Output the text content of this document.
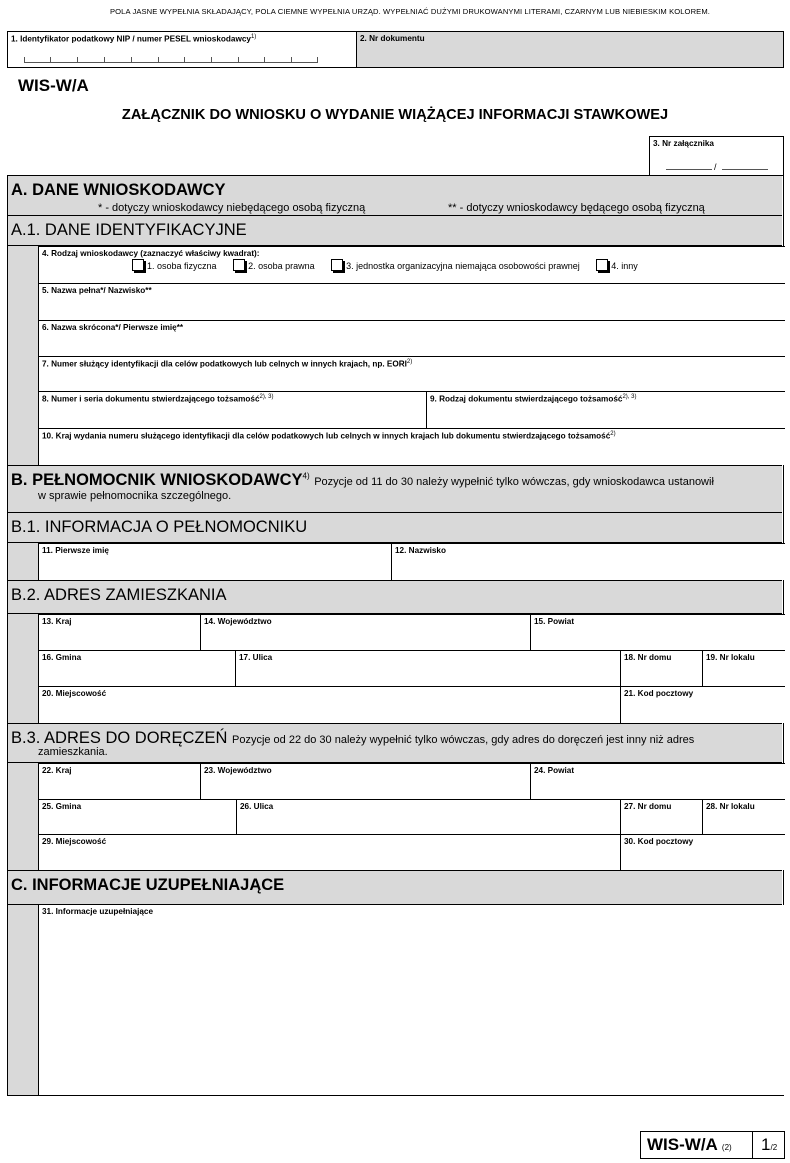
POLA JASNE WYPEŁNIA SKŁADAJĄCY, POLA CIEMNE WYPEŁNIA URZĄD. WYPEŁNIAĆ DUŻYMI DRUKOWANYMI LITERAMI, CZARNYM LUB NIEBIESKIM KOLOREM.
1. Identyfikator podatkowy NIP / numer PESEL wnioskodawcy$^{1)}$	2. Nr dokumentu
WIS-W/A
ZAŁĄCZNIK DO WNIOSKU O WYDANIE WIĄŻĄCEJ INFORMACJI STAWKOWEJ
3. Nr załącznika
/
A. DANE WNIOSKODAWCY
* - dotyczy wnioskodawcy niebędącego osobą fizyczną	** - dotyczy wnioskodawcy będącego osobą fizyczną
A.1. DANE IDENTYFIKACYJNE
4. Rodzaj wnioskodawcy (zaznaczyć właściwy kwadrat):
1. osoba fizyczna	2. osoba prawna	3. jednostka organizacyjna niemająca osobowości prawnej	4. inny
5. Nazwa pełna*/ Nazwisko**
6. Nazwa skrócona*/ Pierwsze imię**
7. Numer służący identyfikacji dla celów podatkowych lub celnych w innych krajach, np. EORI$^{2)}$
8. Numer i seria dokumentu stwierdzającego tożsamość$^{2), 3)}$	9. Rodzaj dokumentu stwierdzającego tożsamość$^{2), 3)}$
10. Kraj wydania numeru służącego identyfikacji dla celów podatkowych lub celnych w innych krajach lub dokumentu stwierdzającego tożsamość$^{2)}$
B. PEŁNOMOCNIK WNIOSKODAWCY$^{4)}$ Pozycje od 11 do 30 należy wypełnić tylko wówczas, gdy wnioskodawca ustanowił
w sprawie pełnomocnika szczególnego.
B.1. INFORMACJA O PEŁNOMOCNIKU
11. Pierwsze imię	12. Nazwisko
B.2. ADRES ZAMIESZKANIA
13. Kraj	14. Województwo	15. Powiat
16. Gmina	17. Ulica	18. Nr domu	19. Nr lokalu
20. Miejscowość	21. Kod pocztowy
B.3. ADRES DO DORĘCZEŃ Pozycje od 22 do 30 należy wypełnić tylko wówczas, gdy adres do doręczeń jest inny niż adres
zamieszkania.
22. Kraj	23. Województwo	24. Powiat
25. Gmina	26. Ulica	27. Nr domu	28. Nr lokalu
29. Miejscowość	30. Kod pocztowy
C. INFORMACJE UZUPEŁNIAJĄCE
31. Informacje uzupełniające
WIS-W/A (2)	1/2
